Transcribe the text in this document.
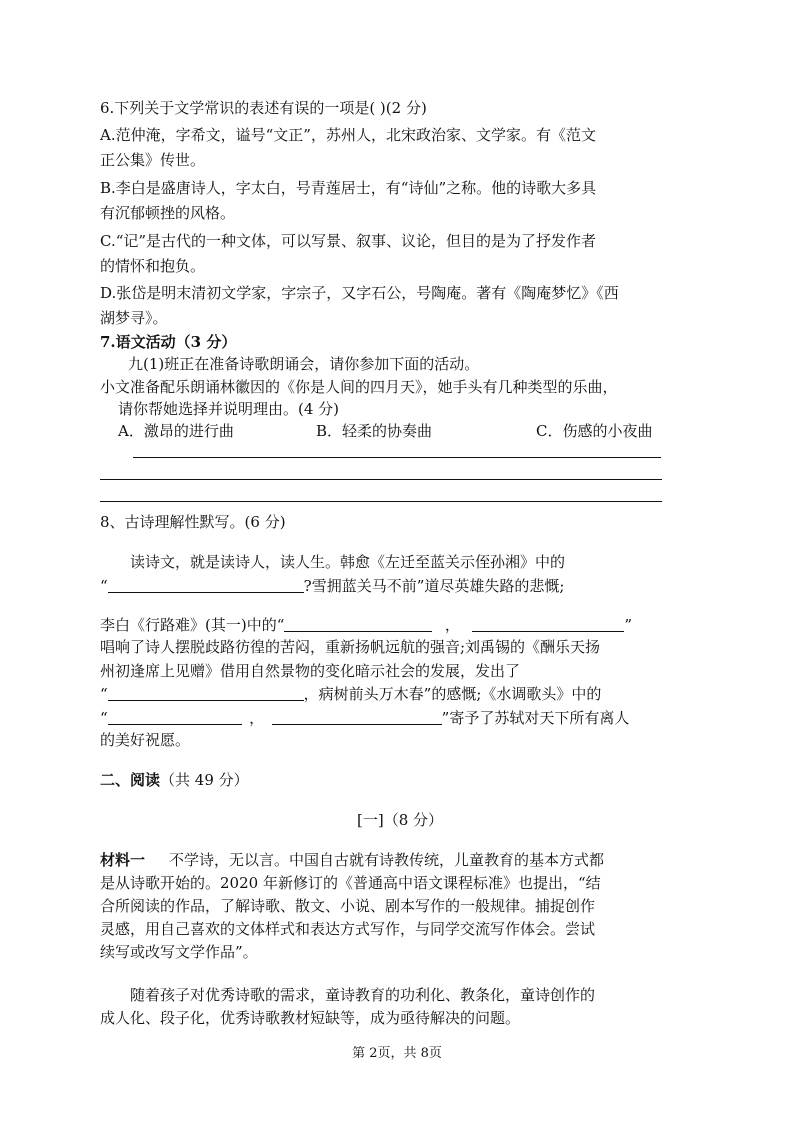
6.下列关于文学常识的表述有误的一项是( )(2 分)
A.范仲淹，字希文，谥号“文正”，苏州人，北宋政治家、文学家。有《范文
正公集》传世。
B.李白是盛唐诗人，字太白，号青莲居士，有“诗仙”之称。他的诗歌大多具
有沉郁顿挫的风格。
C.“记”是古代的一种文体，可以写景、叙事、议论，但目的是为了抒发作者
的情怀和抱负。
D.张岱是明末清初文学家，字宗子，又字石公，号陶庵。著有《陶庵梦忆》《西
湖梦寻》。
7.语文活动（3 分）
九(1)班正在准备诗歌朗诵会，请你参加下面的活动。
小文准备配乐朗诵林徽因的《你是人间的四月天》，她手头有几种类型的乐曲，
请你帮她选择并说明理由。(4 分)
A．激昂的进行曲	B．轻柔的协奏曲	C．伤感的小夜曲
8、古诗理解性默写。(6 分)
读诗文，就是读诗人，读人生。韩愈《左迁至蓝关示侄孙湘》中的
“	?雪拥蓝关马不前”道尽英雄失路的悲慨;
李白《行路难》(其一)中的“	，	”
唱响了诗人摆脱歧路彷徨的苦闷，重新扬帆远航的强音;刘禹锡的《酬乐天扬
州初逢席上见赠》借用自然景物的变化暗示社会的发展，发出了
“	，病树前头万木春”的感慨;《水调歌头》中的
“	，	”寄予了苏轼对天下所有离人
的美好祝愿。
二、阅读（共 49 分）
[一]（8 分）
材料一 不学诗，无以言。中国自古就有诗教传统，儿童教育的基本方式都
是从诗歌开始的。2020 年新修订的《普通高中语文课程标准》也提出，“结
合所阅读的作品，了解诗歌、散文、小说、剧本写作的一般规律。捕捉创作
灵感，用自己喜欢的文体样式和表达方式写作，与同学交流写作体会。尝试
续写或改写文学作品”。
随着孩子对优秀诗歌的需求，童诗教育的功利化、教条化，童诗创作的
成人化、段子化，优秀诗歌教材短缺等，成为亟待解决的问题。
第 2页，共 8页
